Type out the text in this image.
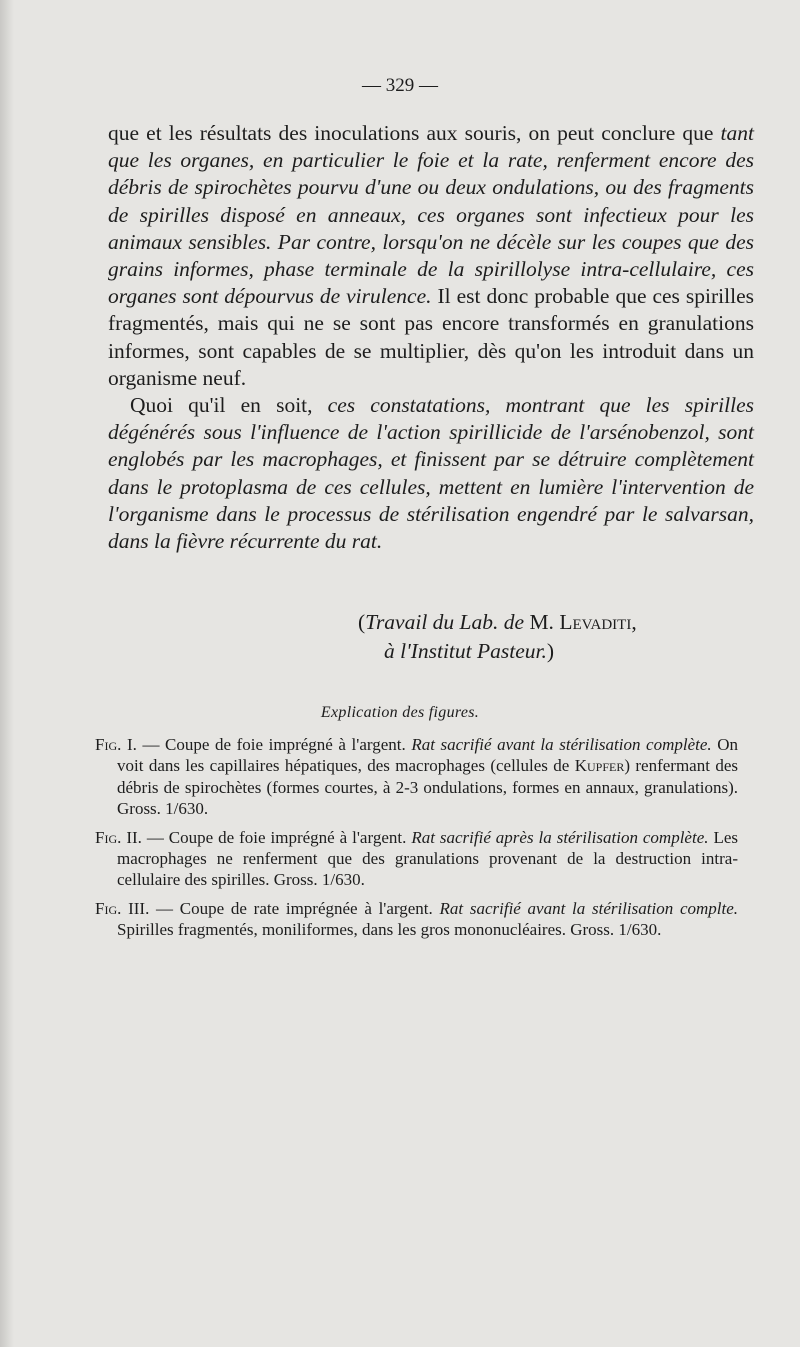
— 329 —

que et les résultats des inoculations aux souris, on peut conclure que tant que les organes, en particulier le foie et la rate, renferment encore des débris de spirochètes pourvu d'une ou deux ondulations, ou des fragments de spirilles disposé en anneaux, ces organes sont infectieux pour les animaux sensibles. Par contre, lorsqu'on ne décèle sur les coupes que des grains informes, phase terminale de la spirillolyse intra-cellulaire, ces organes sont dépourvus de virulence. Il est donc probable que ces spirilles fragmentés, mais qui ne se sont pas encore transformés en granulations informes, sont capables de se multiplier, dès qu'on les introduit dans un organisme neuf.

Quoi qu'il en soit, ces constatations, montrant que les spirilles dégénérés sous l'influence de l'action spirillicide de l'arsénobenzol, sont englobés par les macrophages, et finissent par se détruire complètement dans le protoplasma de ces cellules, mettent en lumière l'intervention de l'organisme dans le processus de stérilisation engendré par le salvarsan, dans la fièvre récurrente du rat.

(Travail du Lab. de M. Levaditi,
à l'Institut Pasteur.)
Explication des figures.

Fig. I. — Coupe de foie imprégné à l'argent. Rat sacrifié avant la stérilisation complète. On voit dans les capillaires hépatiques, des macrophages (cellules de Kupfer) renfermant des débris de spirochètes (formes courtes, à 2-3 ondulations, formes en annaux, granulations). Gross. 1/630.

Fig. II. — Coupe de foie imprégné à l'argent. Rat sacrifié après la stérilisation complète. Les macrophages ne renferment que des granulations provenant de la destruction intra-cellulaire des spirilles. Gross. 1/630.

Fig. III. — Coupe de rate imprégnée à l'argent. Rat sacrifié avant la stérilisation complte. Spirilles fragmentés, moniliformes, dans les gros mononucléaires. Gross. 1/630.
